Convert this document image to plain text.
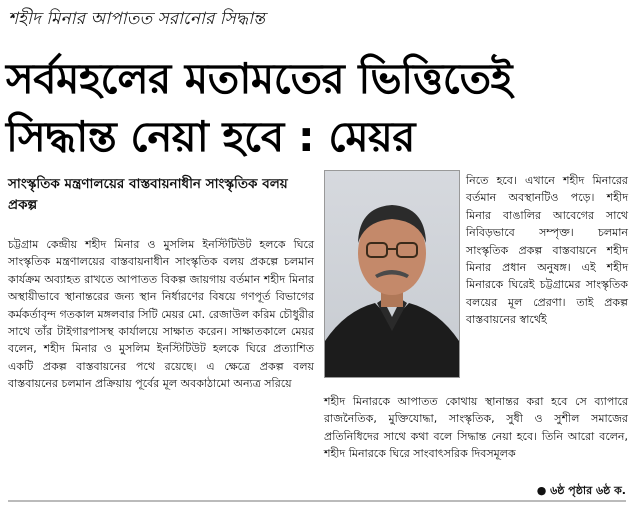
শহীদ মিনার আপাতত সরানোর সিদ্ধান্ত
সর্বমহলের মতামতের ভিত্তিতেই
সিদ্ধান্ত নেয়া হবে : মেয়র
সাংস্কৃতিক মন্ত্রণালয়ের বাস্তবায়নাধীন সাংস্কৃতিক বলয় প্রকল্প

চট্টগ্রাম কেন্দ্রীয় শহীদ মিনার ও মুসলিম ইনস্টিটিউট হলকে ঘিরে সাংস্কৃতিক মন্ত্রণালয়ের বাস্তবায়নাধীন সাংস্কৃতিক বলয় প্রকল্পে চলমান কার্যক্রম অব্যাহত রাখতে আপাতত বিকল্প জায়গায় বর্তমান শহীদ মিনার অস্থায়ীভাবে স্থানান্তরের জন্য স্থান নির্ধারণের বিষয়ে গণপূর্ত বিভাগের কর্মকর্তাবৃন্দ গতকাল মঙ্গলবার সিটি মেয়র মো. রেজাউল করিম চৌধুরীর সাথে তাঁর টাইগারপাসস্থ কার্যালয়ে সাক্ষাত করেন। সাক্ষাতকালে মেয়র বলেন, শহীদ মিনার ও মুসলিম ইনস্টিটিউট হলকে ঘিরে প্রত্যাশিত একটি প্রকল্প বাস্তবায়নের পথে রয়েছে। এ ক্ষেত্রে প্রকল্প বলয় বাস্তবায়নের চলমান প্রক্রিয়ায় পূর্বের মূল অবকাঠামো অন্যত্র সরিয়ে

নিতে হবে। এখানে শহীদ মিনারের বর্তমান অবস্থানটিও পড়ে। শহীদ মিনার বাঙালির আবেগের সাথে নিবিড়ভাবে সম্পৃক্ত। চলমান সাংস্কৃতিক প্রকল্প বাস্তবায়নে শহীদ মিনার প্রধান অনুষঙ্গ। এই শহীদ মিনারকে ঘিরেই চট্টগ্রামের সাংস্কৃতিক বলয়ের মূল প্রেরণা। তাই প্রকল্প বাস্তবায়নের স্বার্থেই

শহীদ মিনারকে আপাতত কোথায় স্থানান্তর করা হবে সে ব্যাপারে রাজনৈতিক, মুক্তিযোদ্ধা, সাংস্কৃতিক, সুধী ও সুশীল সমাজের প্রতিনিধিদের সাথে কথা বলে সিদ্ধান্ত নেয়া হবে। তিনি আরো বলেন, শহীদ মিনারকে ঘিরে সাংবাৎসরিক দিবসমূলক

● ৬ষ্ঠ পৃষ্ঠার ৬ষ্ঠ ক.
